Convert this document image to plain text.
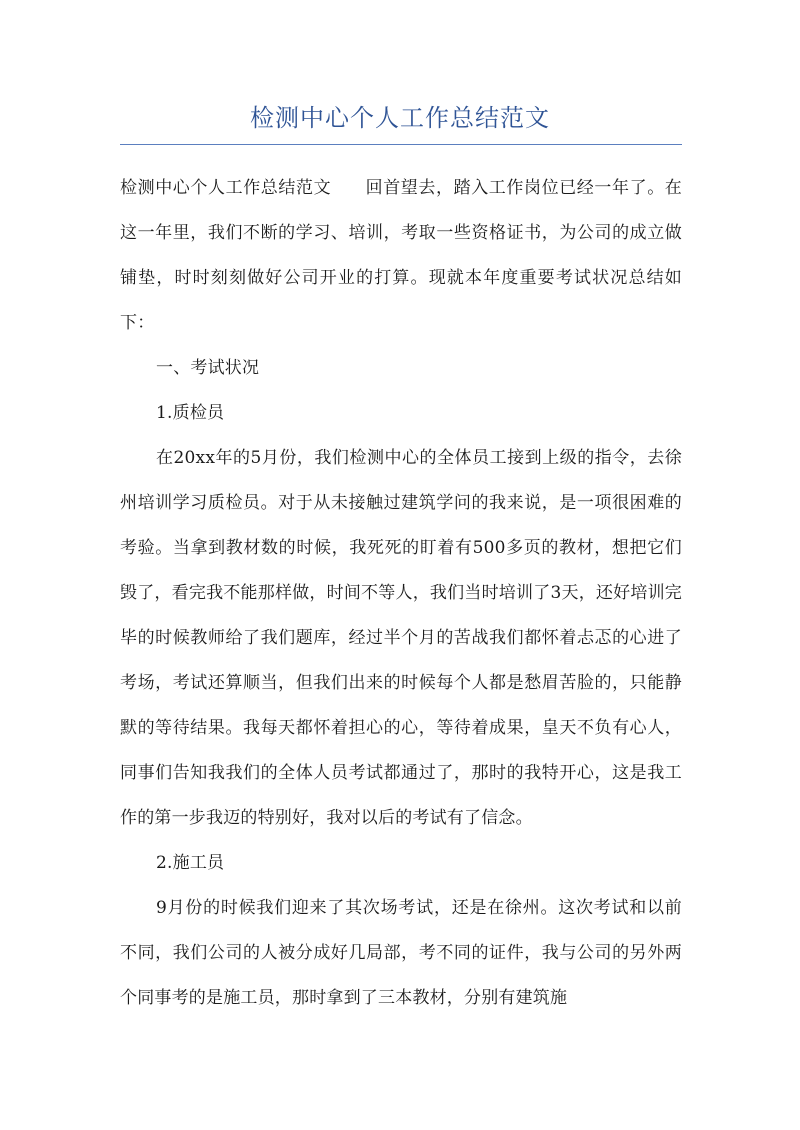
检测中心个人工作总结范文

检测中心个人工作总结范文 回首望去，踏入工作岗位已经一年了。在这一年里，我们不断的学习、培训，考取一些资格证书，为公司的成立做铺垫，时时刻刻做好公司开业的打算。现就本年度重要考试状况总结如下：

一、考试状况

1.质检员

在20xx年的5月份，我们检测中心的全体员工接到上级的指令，去徐州培训学习质检员。对于从未接触过建筑学问的我来说，是一项很困难的考验。当拿到教材数的时候，我死死的盯着有500多页的教材，想把它们毁了，看完我不能那样做，时间不等人，我们当时培训了3天，还好培训完毕的时候教师给了我们题库，经过半个月的苦战我们都怀着忐忑的心进了考场，考试还算顺当，但我们出来的时候每个人都是愁眉苦脸的，只能静默的等待结果。我每天都怀着担心的心，等待着成果，皇天不负有心人，同事们告知我我们的全体人员考试都通过了，那时的我特开心，这是我工作的第一步我迈的特别好，我对以后的考试有了信念。

2.施工员

9月份的时候我们迎来了其次场考试，还是在徐州。这次考试和以前不同，我们公司的人被分成好几局部，考不同的证件，我与公司的另外两个同事考的是施工员，那时拿到了三本教材，分别有建筑施
